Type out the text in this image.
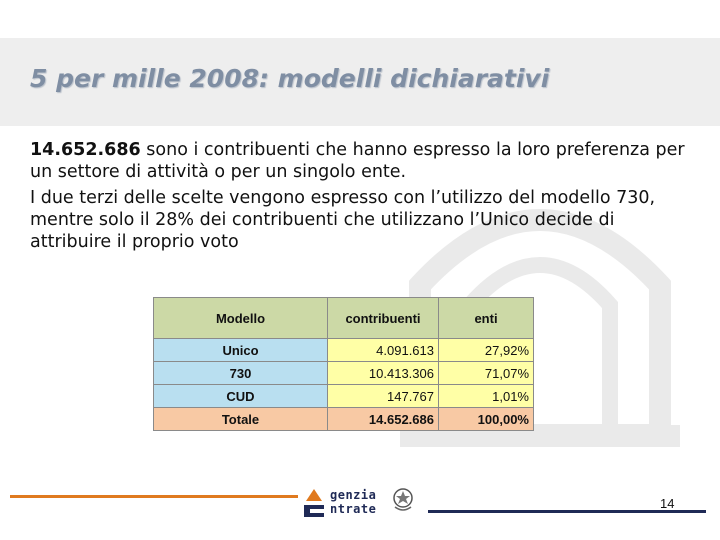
5 per mille 2008: modelli dichiarativi

14.652.686 sono i contribuenti che hanno espresso la loro preferenza per un settore di attività o per un singolo ente.

I due terzi delle scelte vengono espresso con l’utilizzo del modello 730, mentre solo il 28% dei contribuenti che utilizzano l’Unico decide di attribuire il proprio voto

Modello	contribuenti	enti
Unico	4.091.613	27,92%
730	10.413.306	71,07%
CUD	147.767	1,01%
Totale	14.652.686	100,00%
genzia
ntrate	14
